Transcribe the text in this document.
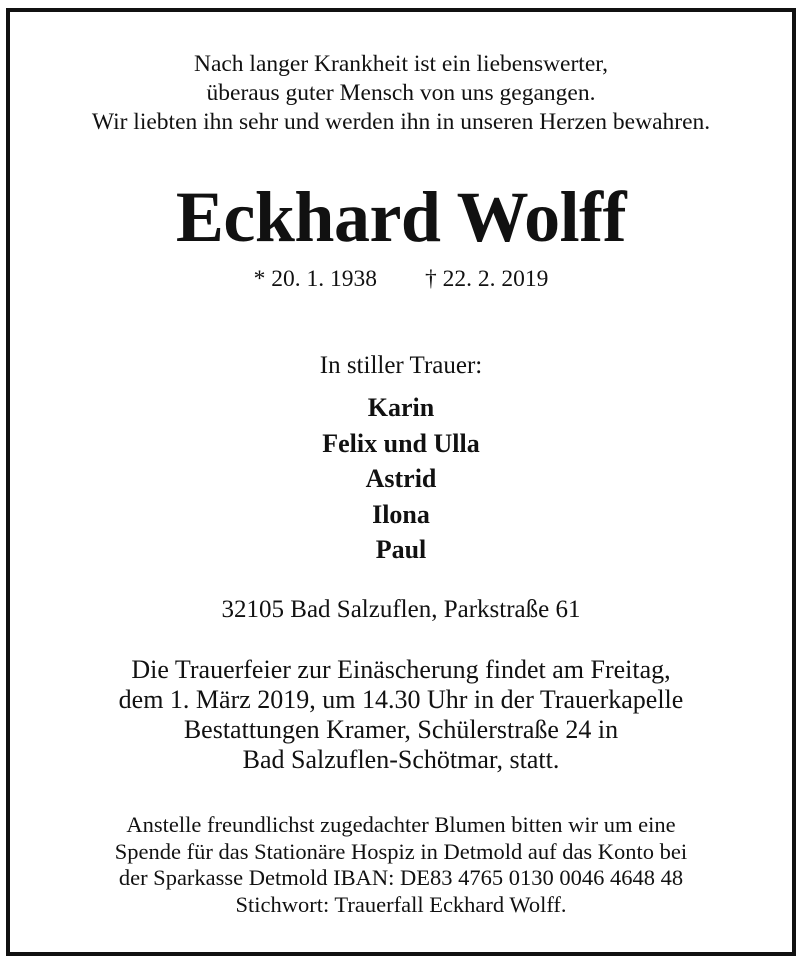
Nach langer Krankheit ist ein liebenswerter,
überaus guter Mensch von uns gegangen.
Wir liebten ihn sehr und werden ihn in unseren Herzen bewahren.
Eckhard Wolff
* 20. 1. 1938 † 22. 2. 2019
In stiller Trauer:
Karin
Felix und Ulla
Astrid
Ilona
Paul
32105 Bad Salzuflen, Parkstraße 61
Die Trauerfeier zur Einäscherung findet am Freitag,
dem 1. März 2019, um 14.30 Uhr in der Trauerkapelle
Bestattungen Kramer, Schülerstraße 24 in
Bad Salzuflen-Schötmar, statt.
Anstelle freundlichst zugedachter Blumen bitten wir um eine
Spende für das Stationäre Hospiz in Detmold auf das Konto bei
der Sparkasse Detmold IBAN: DE83 4765 0130 0046 4648 48
Stichwort: Trauerfall Eckhard Wolff.
